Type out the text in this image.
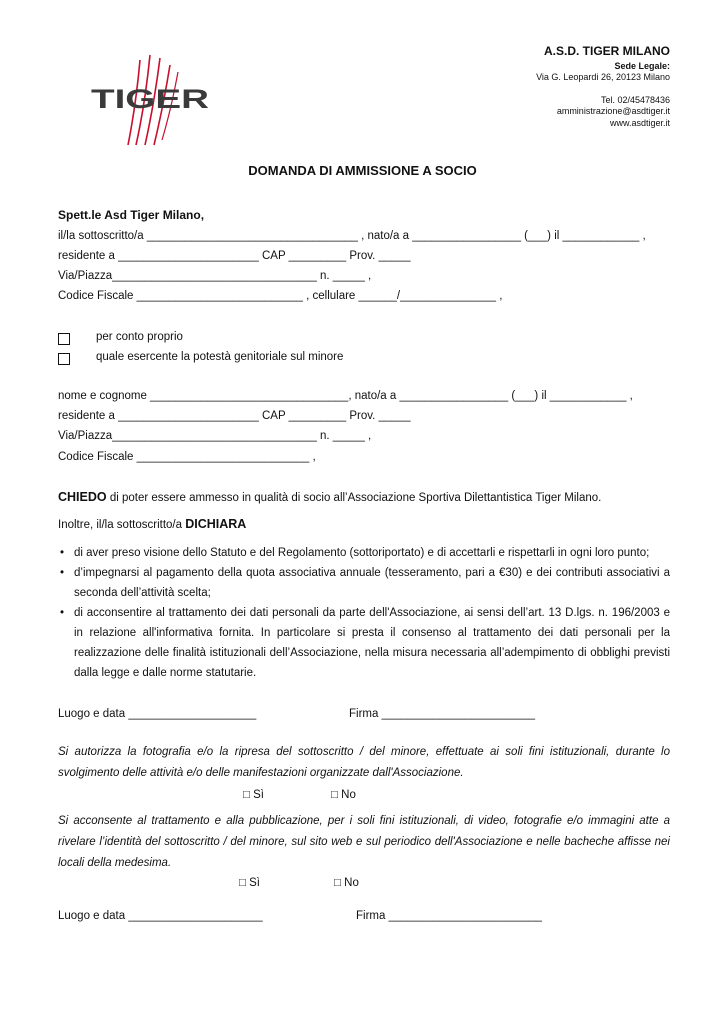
TIGER
A.S.D. TIGER MILANO
Sede Legale:
Via G. Leopardi 26, 20123 Milano
Tel. 02/45478436
amministrazione@asdtiger.it
www.asdtiger.it
DOMANDA DI AMMISSIONE A SOCIO
Spett.le Asd Tiger Milano,
il/la sottoscritto/a _________________________________ , nato/a a _________________ (___) il ____________ ,
residente a ______________________ CAP _________ Prov. _____
Via/Piazza________________________________ n. _____ ,
Codice Fiscale __________________________ , cellulare ______/_______________ ,
per conto proprio
quale esercente la potestà genitoriale sul minore
nome e cognome _______________________________, nato/a a _________________ (___) il ____________ ,
residente a ______________________ CAP _________ Prov. _____
Via/Piazza________________________________ n. _____ ,
Codice Fiscale ___________________________ ,
CHIEDO di poter essere ammesso in qualità di socio all’Associazione Sportiva Dilettantistica Tiger Milano.
Inoltre, il/la sottoscritto/a DICHIARA
• di aver preso visione dello Statuto e del Regolamento (sottoriportato) e di accettarli e rispettarli in ogni loro punto;
• d’impegnarsi al pagamento della quota associativa annuale (tesseramento, pari a €30) e dei contributi associativi a seconda dell’attività scelta;
• di acconsentire al trattamento dei dati personali da parte dell'Associazione, ai sensi dell’art. 13 D.lgs. n. 196/2003 e in relazione all'informativa fornita. In particolare si presta il consenso al trattamento dei dati personali per la realizzazione delle finalità istituzionali dell’Associazione, nella misura necessaria all’adempimento di obblighi previsti dalla legge e dalle norme statutarie.
Luogo e data ____________________	Firma ________________________
Si autorizza la fotografia e/o la ripresa del sottoscritto / del minore, effettuate ai soli fini istituzionali, durante lo svolgimento delle attività e/o delle manifestazioni organizzate dall'Associazione.
□ Sì	□ No
Si acconsente al trattamento e alla pubblicazione, per i soli fini istituzionali, di video, fotografie e/o immagini atte a rivelare l’identità del sottoscritto / del minore, sul sito web e sul periodico dell'Associazione e nelle bacheche affisse nei locali della medesima.
□ Sì	□ No
Luogo e data _____________________	Firma ________________________
